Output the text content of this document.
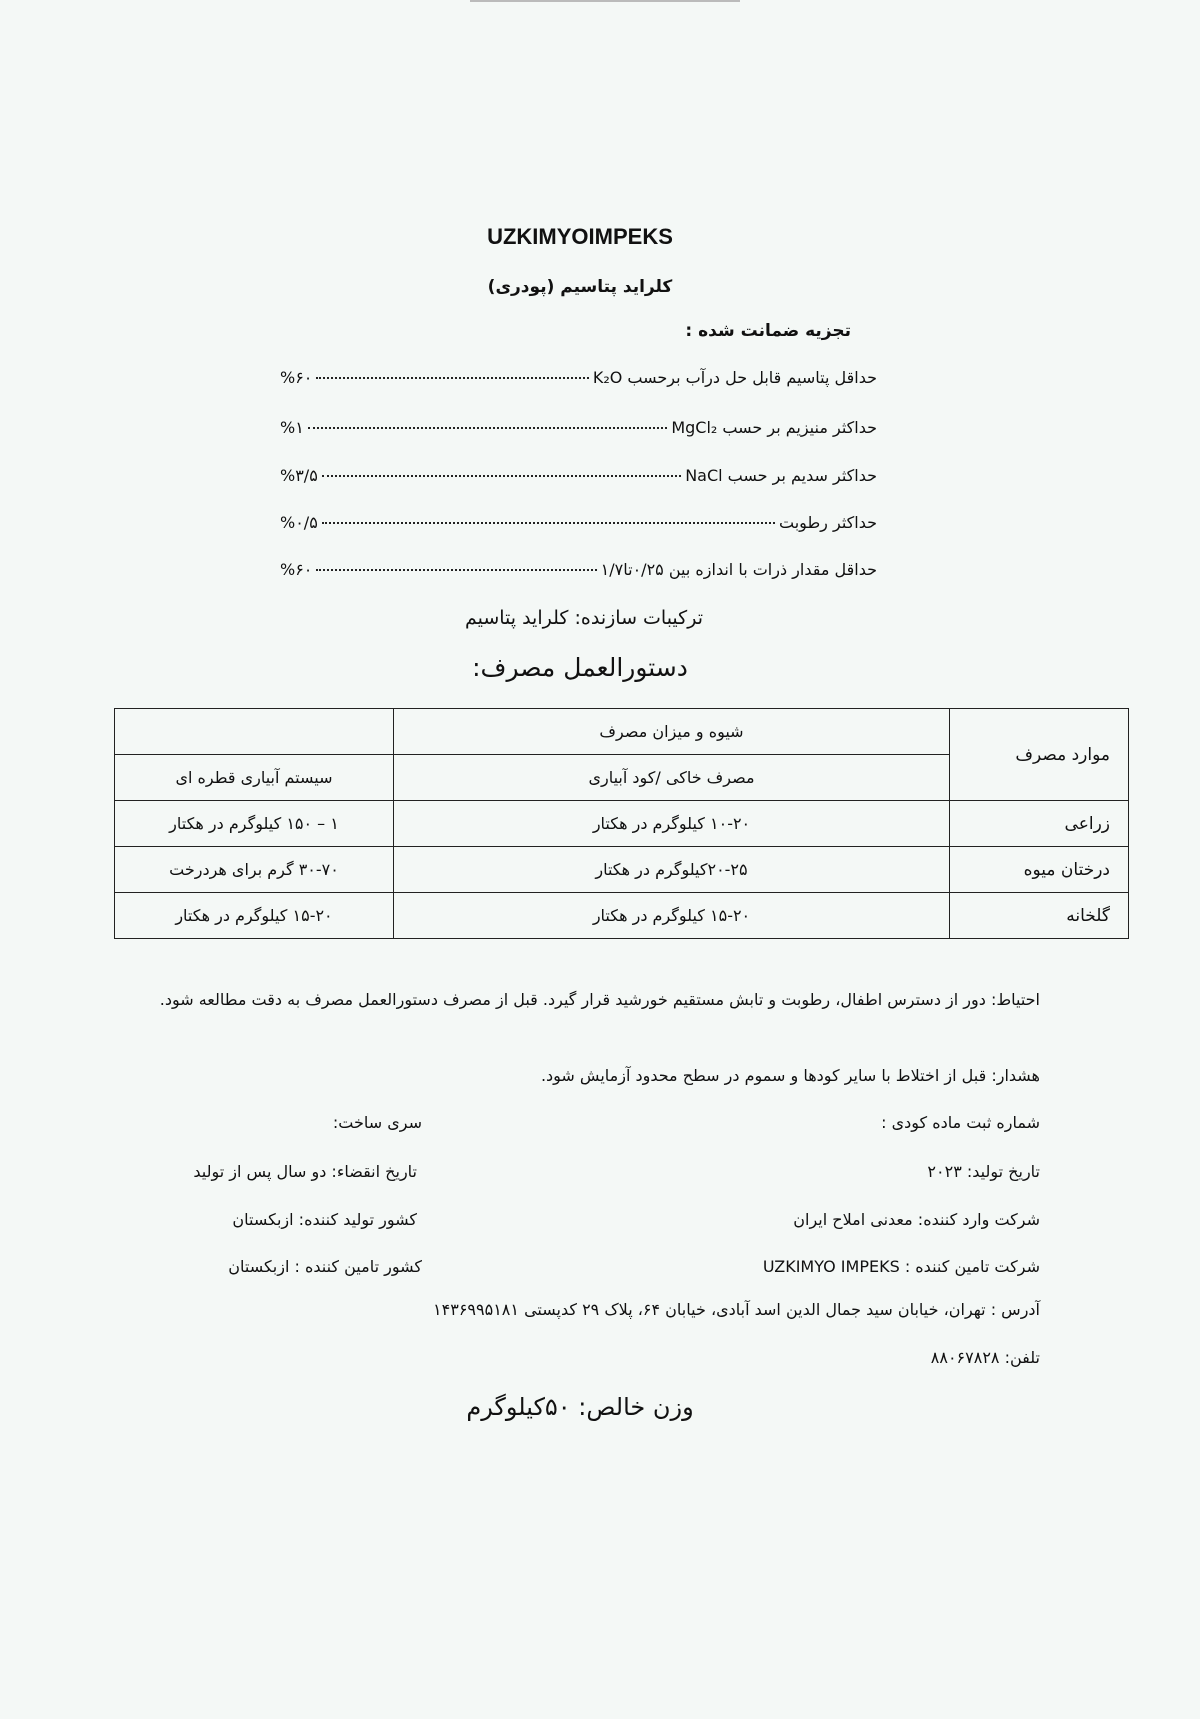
UZKIMYOIMPEKS
کلراید پتاسیم (پودری)
تجزیه ضمانت شده :
%۶۰	حداقل پتاسیم قابل حل درآب برحسب K₂O
%۱	حداکثر منیزیم بر حسب MgCl₂
%۳/۵	حداکثر سدیم بر حسب NaCl
%۰/۵	حداکثر رطوبت
%۶۰	حداقل مقدار ذرات با اندازه بین ۰/۲۵تا۱/۷
ترکیبات سازنده: کلراید پتاسیم
دستورالعمل مصرف:
موارد مصرف	شیوه و میزان مصرف	
	مصرف خاکی /کود آبیاری	سیستم آبیاری قطره ای
زراعی	۱۰-۲۰ کیلوگرم در هکتار	۱ – ۱۵۰ کیلوگرم در هکتار
درختان میوه	۲۰-۲۵کیلوگرم در هکتار	۳۰-۷۰ گرم برای هردرخت
گلخانه	۱۵-۲۰ کیلوگرم در هکتار	۱۵-۲۰ کیلوگرم در هکتار
احتیاط: دور از دسترس اطفال، رطوبت و تابش مستقیم خورشید قرار گیرد. قبل از مصرف دستورالعمل مصرف به دقت مطالعه شود.
هشدار: قبل از اختلاط با سایر کودها و سموم در سطح محدود آزمایش شود.
شماره ثبت ماده کودی :
سری ساخت:
تاریخ تولید: ۲۰۲۳
تاریخ انقضاء: دو سال پس از تولید
شرکت وارد کننده: معدنی املاح ایران
کشور تولید کننده: ازبکستان
شرکت تامین کننده : UZKIMYO IMPEKS
کشور تامین کننده : ازبکستان
آدرس : تهران، خیابان سید جمال الدین اسد آبادی، خیابان ۶۴، پلاک ۲۹ کدپستی ۱۴۳۶۹۹۵۱۸۱
تلفن: ۸۸۰۶۷۸۲۸
وزن خالص: ۵۰کیلوگرم
